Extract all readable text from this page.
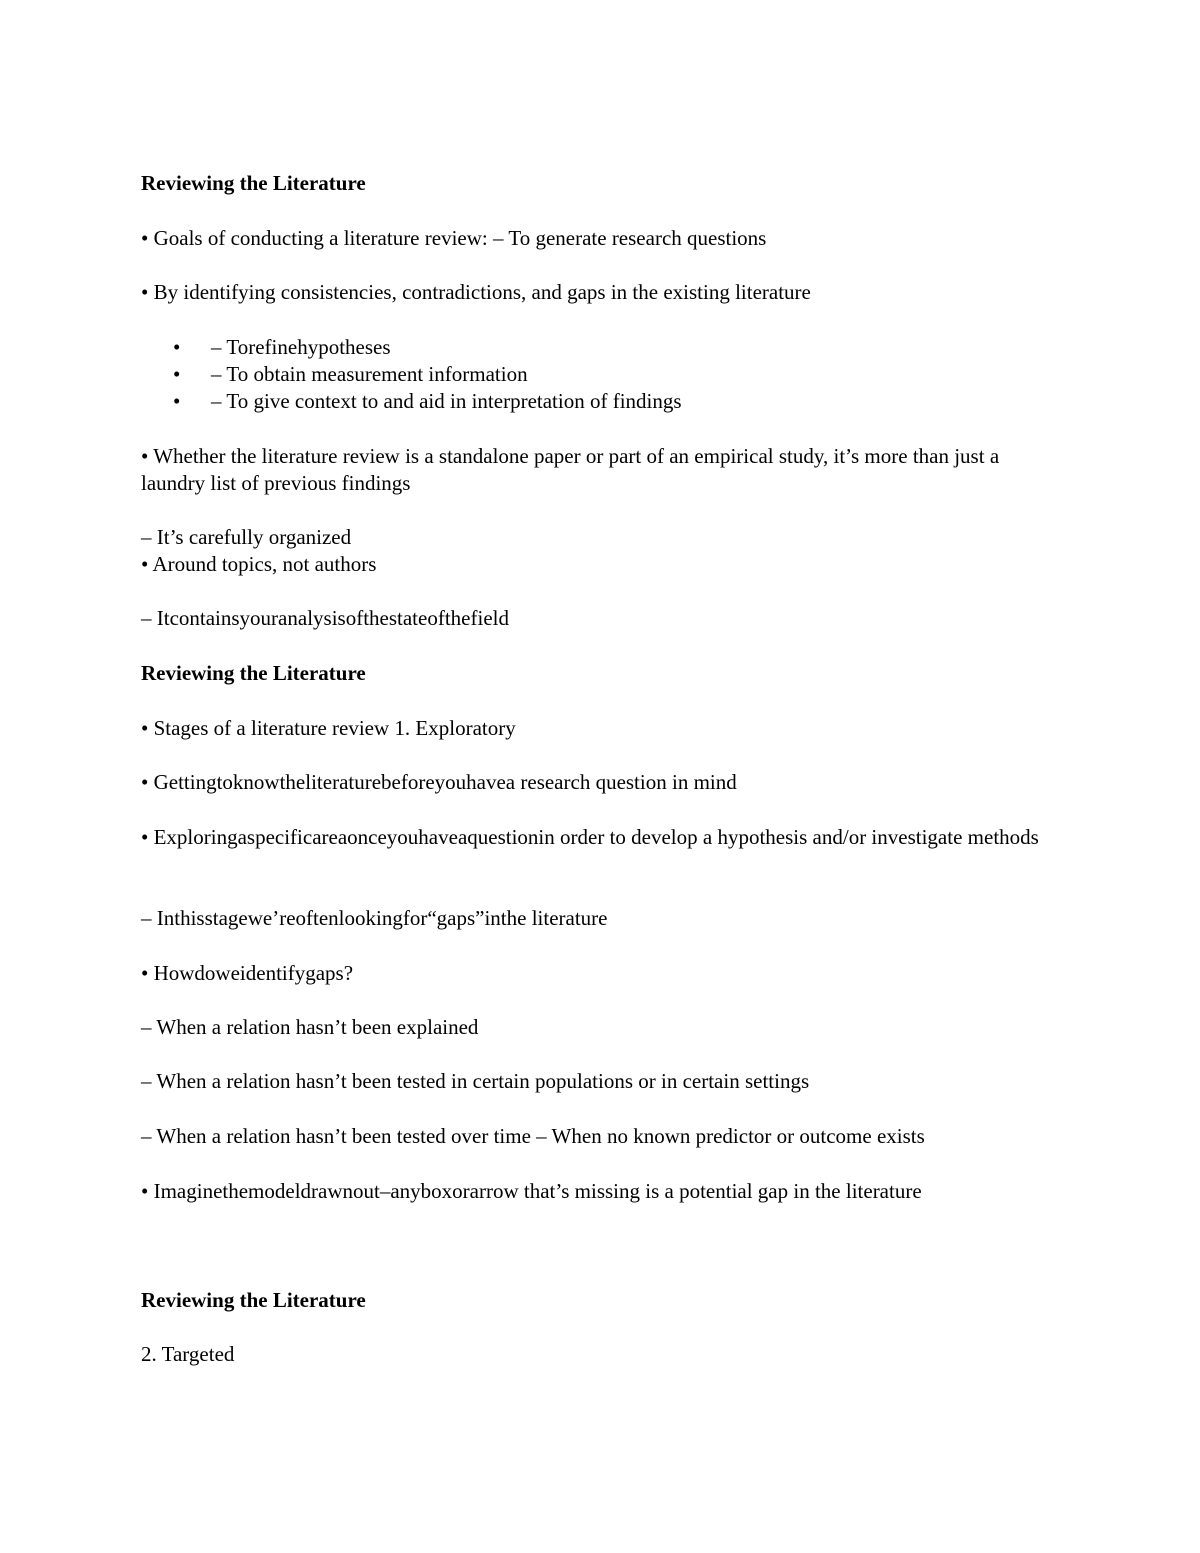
Reviewing the Literature

• Goals of conducting a literature review: – To generate research questions

• By identifying consistencies, contradictions, and gaps in the existing literature

• – Torefinehypotheses
• – To obtain measurement information
• – To give context to and aid in interpretation of findings

• Whether the literature review is a standalone paper or part of an empirical study, it’s more than just a laundry list of previous findings

– It’s carefully organized

• Around topics, not authors

– Itcontainsyouranalysisofthestateofthefield

Reviewing the Literature

• Stages of a literature review 1. Exploratory

• Gettingtoknowtheliteraturebeforeyouhavea research question in mind

• Exploringaspecificareaonceyouhaveaquestionin order to develop a hypothesis and/or investigate methods

– Inthisstagewe’reoftenlookingfor“gaps”inthe literature

• Howdoweidentifygaps?

– When a relation hasn’t been explained

– When a relation hasn’t been tested in certain populations or in certain settings

– When a relation hasn’t been tested over time – When no known predictor or outcome exists

• Imaginethemodeldrawnout–anyboxorarrow that’s missing is a potential gap in the literature

Reviewing the Literature

2. Targeted
